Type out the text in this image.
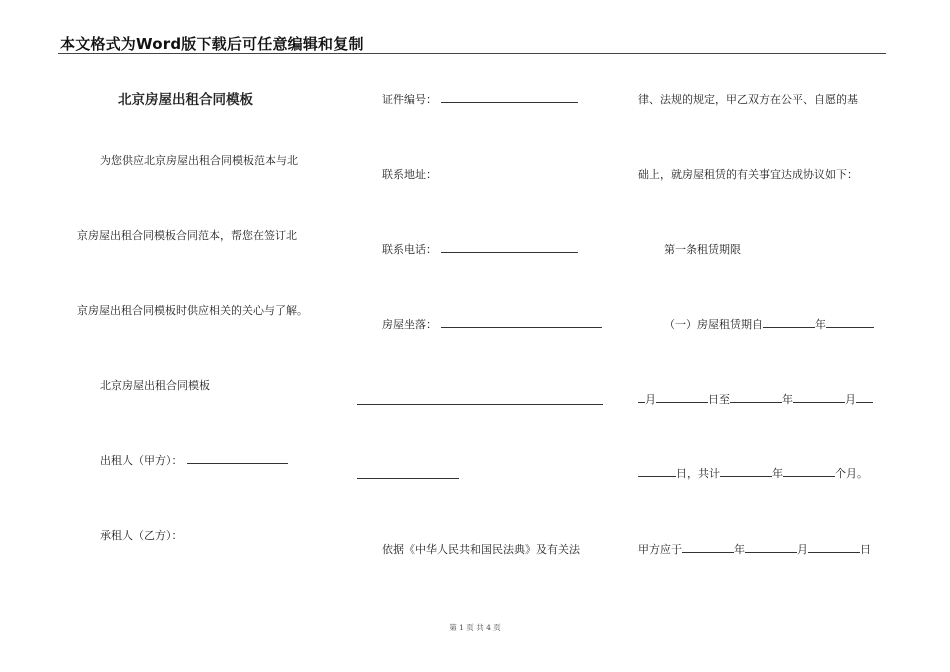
本文格式为Word版下载后可任意编辑和复制
北京房屋出租合同模板
为您供应北京房屋出租合同模板范本与北
京房屋出租合同模板合同范本，帮您在签订北
京房屋出租合同模板时供应相关的关心与了解。
北京房屋出租合同模板
出租人（甲方）：
承租人（乙方）：
证件编号：
联系地址：
联系电话：
房屋坐落：
依据《中华人民共和国民法典》及有关法
律、法规的规定，甲乙双方在公平、自愿的基
础上，就房屋租赁的有关事宜达成协议如下：
第一条租赁期限
（一）房屋租赁期自	年
月	日至	年	月
日，共计	年	个月。
甲方应于	年	月	日
第 1 页 共 4 页
